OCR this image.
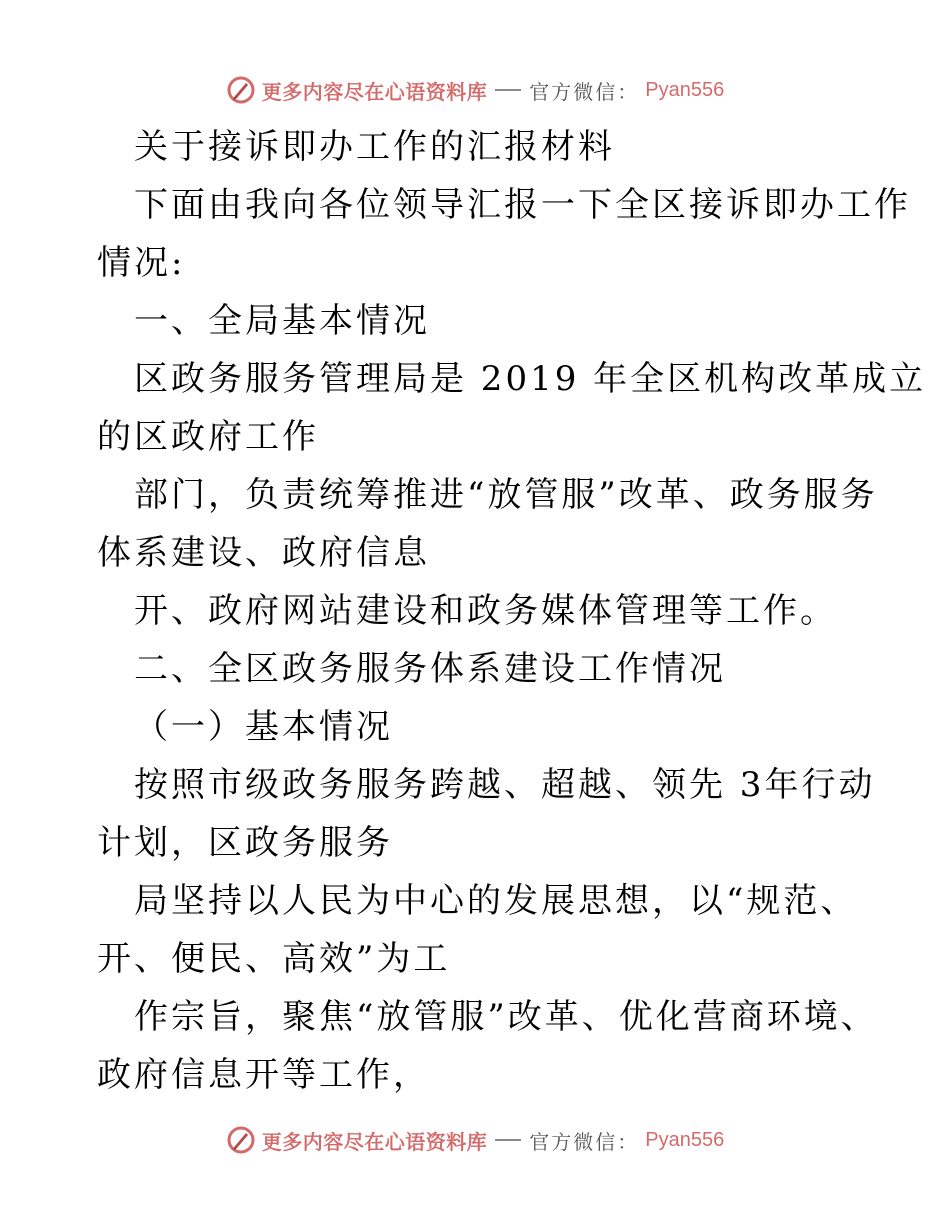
更多内容尽在心语资料库 官方微信： Pyan556
关于接诉即办工作的汇报材料
下面由我向各位领导汇报一下全区接诉即办工作
情况:
一、全局基本情况
区政务服务管理局是 2019 年全区机构改革成立
的区政府工作
部门，负责统筹推进“放管服”改革、政务服务
体系建设、政府信息
开、政府网站建设和政务媒体管理等工作。
二、全区政务服务体系建设工作情况
（一）基本情况
按照市级政务服务跨越、超越、领先 3年行动
计划，区政务服务
局坚持以人民为中心的发展思想，以“规范、
开、便民、高效”为工
作宗旨，聚焦“放管服”改革、优化营商环境、
政府信息开等工作，
更多内容尽在心语资料库 官方微信： Pyan556
